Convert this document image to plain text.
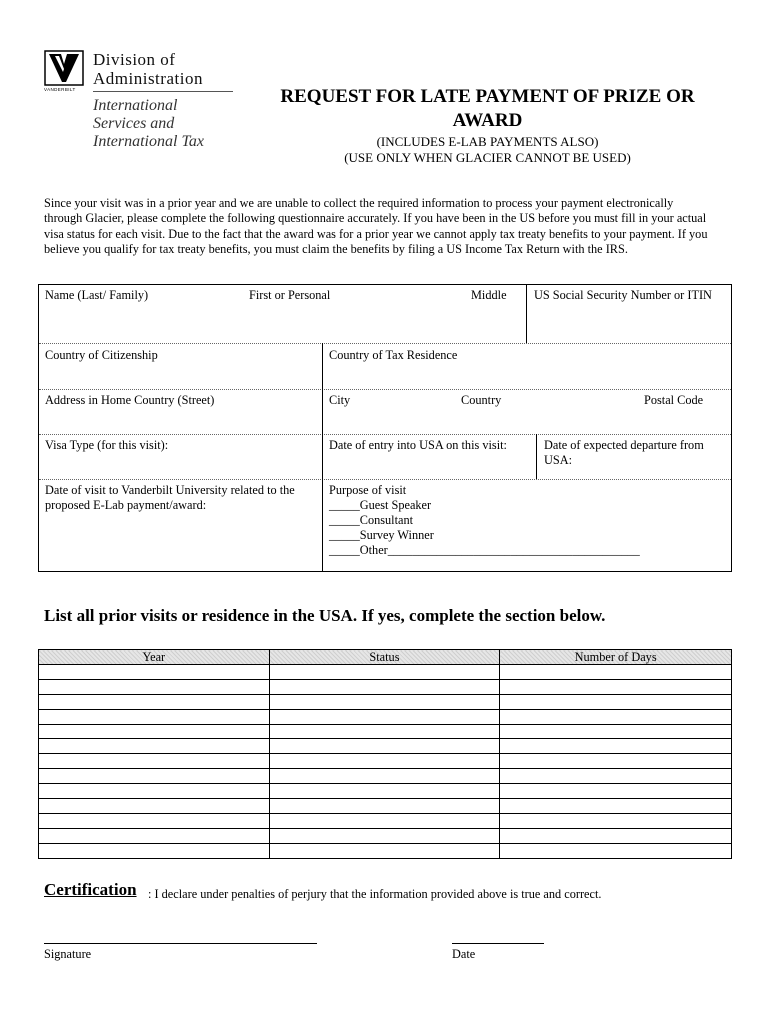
VANDERBILT
Division of
Administration
International
Services and
International Tax
REQUEST FOR LATE PAYMENT OF PRIZE OR AWARD
(INCLUDES E-LAB PAYMENTS ALSO)
(USE ONLY WHEN GLACIER CANNOT BE USED)
Since your visit was in a prior year and we are unable to collect the required information to process your payment electronically through Glacier, please complete the following questionnaire accurately. If you have been in the US before you must fill in your actual visa status for each visit. Due to the fact that the award was for a prior year we cannot apply tax treaty benefits to your payment. If you believe you qualify for tax treaty benefits, you must claim the benefits by filing a US Income Tax Return with the IRS.
Name (Last/ Family)	First or Personal	Middle US Social Security Number or ITIN
Country of Citizenship	Country of Tax Residence
Address in Home Country (Street)	City	Country	Postal Code
Visa Type (for this visit):	Date of entry into USA on this visit:	Date of expected departure from
USA:
Date of visit to Vanderbilt University related to the
proposed E-Lab payment/award:
Purpose of visit
_____Guest Speaker
_____Consultant
_____Survey Winner
_____Other_________________________________________
List all prior visits or residence in the USA. If yes, complete the section below.
Year	Status	Number of Days

Certification : I declare under penalties of perjury that the information provided above is true and correct.
Signature	Date
